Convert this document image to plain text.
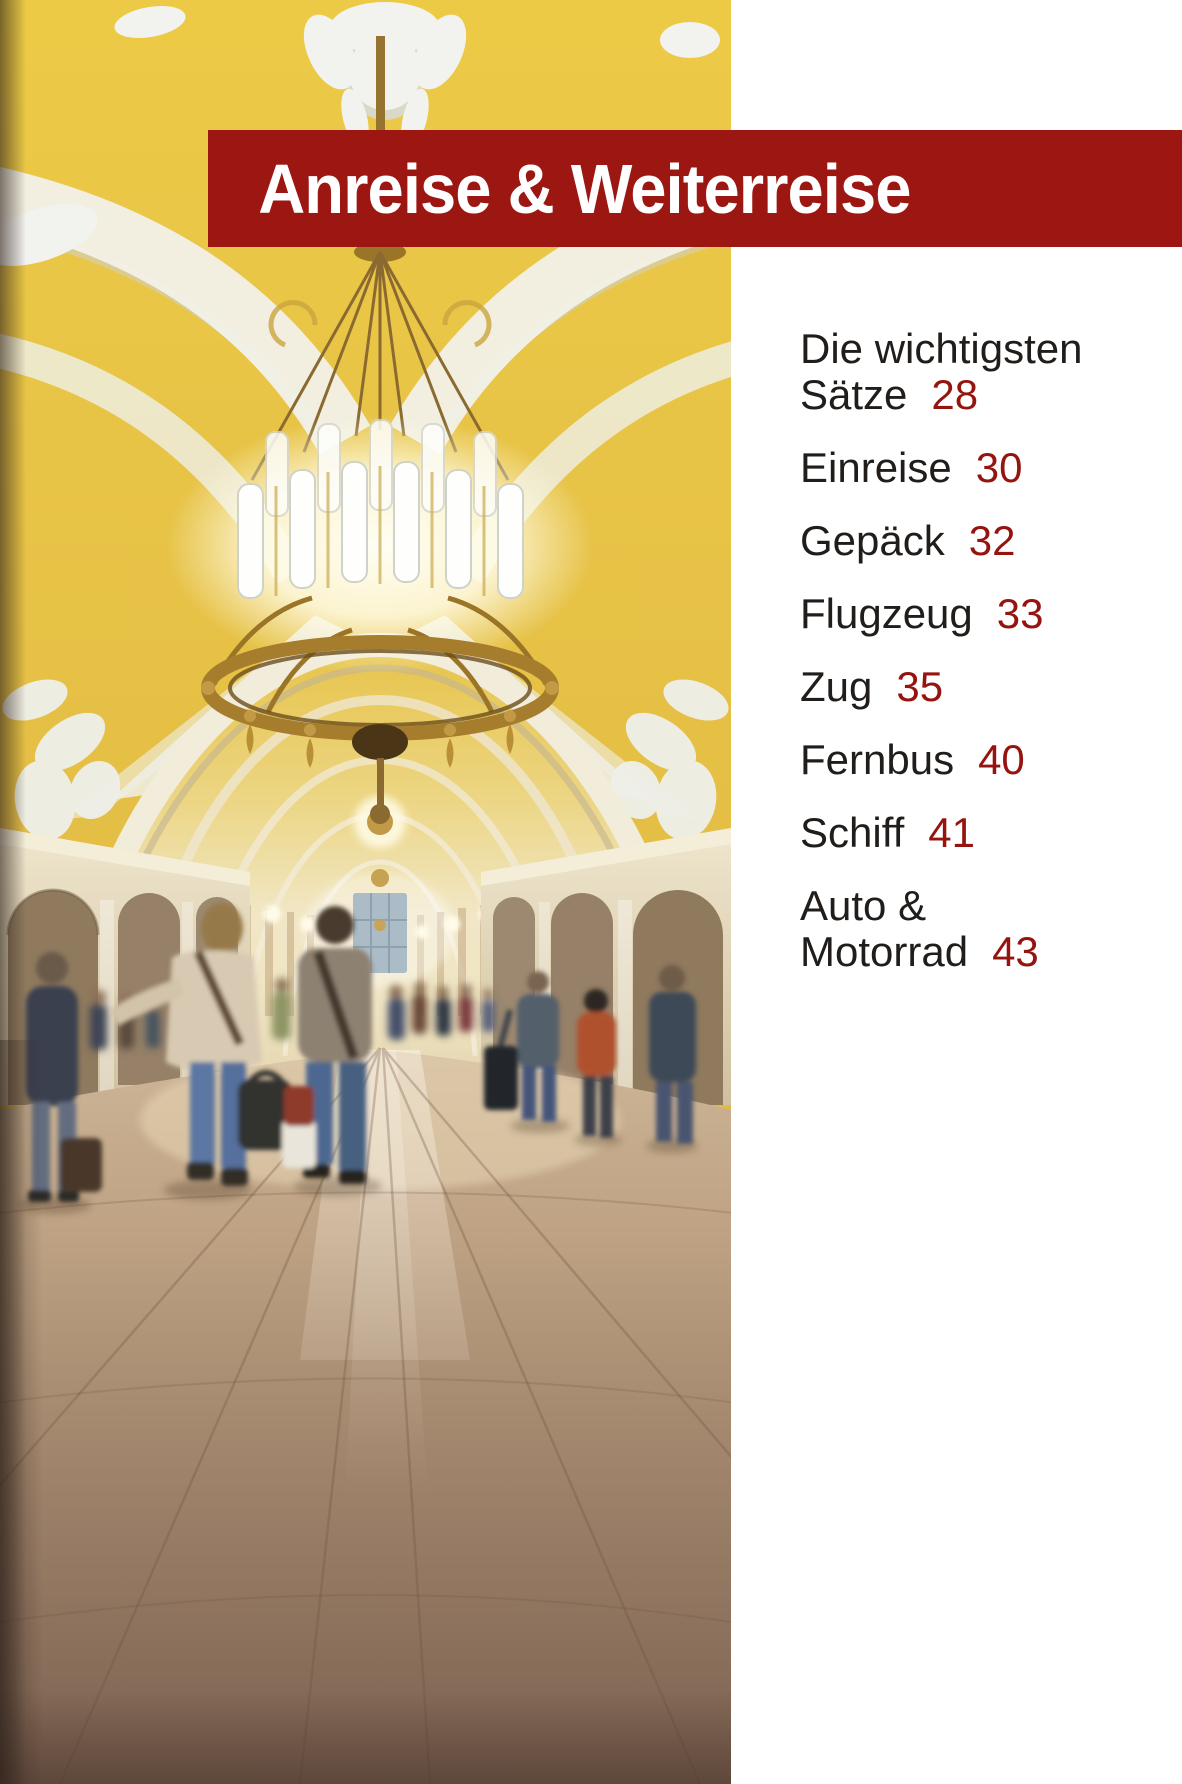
Anreise & Weiterreise
Die wichtigsten
Sätze 28
Einreise 30
Gepäck 32
Flugzeug 33
Zug 35
Fernbus 40
Schiff 41
Auto &
Motorrad 43
